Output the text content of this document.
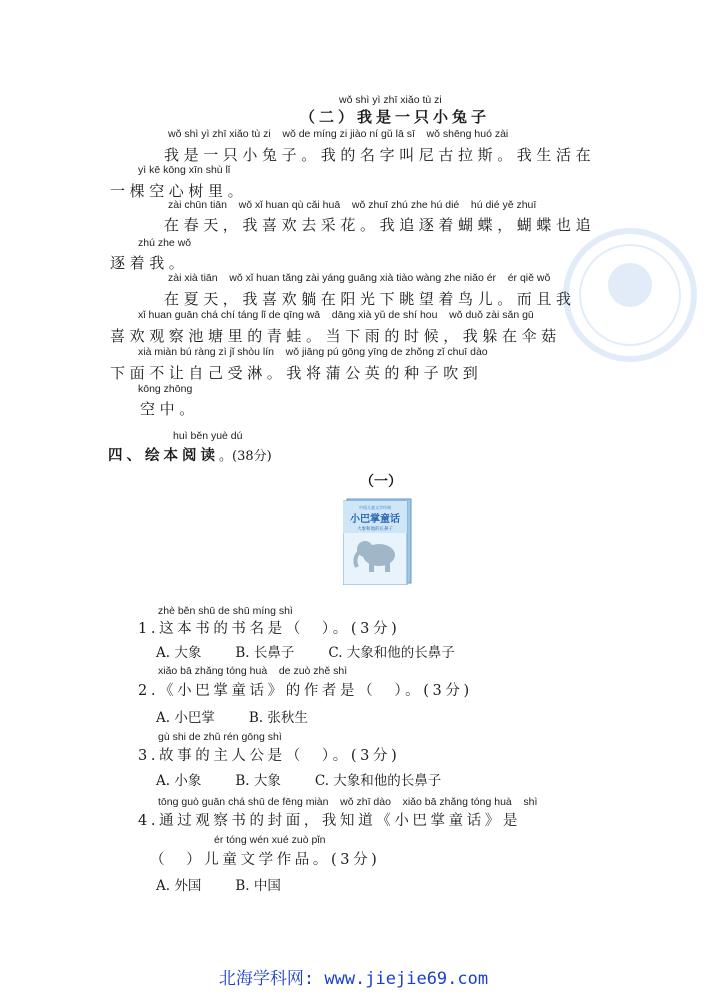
wǒ shì yì zhī xiǎo tù zi
（二）我是一只小兔子
wǒ shì yì zhī xiǎo tù zi    wǒ de míng zi jiào ní gǔ lā sī    wǒ shēng huó zài
我是一只小兔子。我的名字叫尼古拉斯。我生活在
yì kē kōng xīn shù lǐ
一棵空心树里。
zài chūn tiān    wǒ xǐ huan qù cǎi huā    wǒ zhuī zhú zhe hú dié    hú dié yě zhuī
在春天，我喜欢去采花。我追逐着蝴蝶，蝴蝶也追
zhú zhe wǒ
逐着我。
zài xià tiān    wǒ xǐ huan tǎng zài yáng guāng xià tiào wàng zhe niǎo ér    ér qiě wǒ
在夏天，我喜欢躺在阳光下眺望着鸟儿。而且我
xǐ huan guān chá chí táng lǐ de qīng wā    dāng xià yǔ de shí hou    wǒ duǒ zài sǎn gū
喜欢观察池塘里的青蛙。当下雨的时候，我躲在伞菇
xià miàn bú ràng zì jǐ shòu lín    wǒ jiāng pú gōng yīng de zhǒng zǐ chuī dào
下面不让自己受淋。我将蒲公英的种子吹到
kōng zhōng
空中。
huì běn yuè dú
四、绘本阅读。(38分)
（一）
中国儿童文学经典
小巴掌童话
大象和他的长鼻子
zhè běn shū de shū míng shì
1.这本书的书名是（　）。(3分)
A. 大象	B. 长鼻子	C. 大象和他的长鼻子
xiǎo bā zhǎng tóng huà    de zuò zhě shì
2.《小巴掌童话》的作者是（　）。(3分)
A. 小巴掌	B. 张秋生
gù shi de zhǔ rén gōng shì
3.故事的主人公是（　）。(3分)
A. 小象	B. 大象	C. 大象和他的长鼻子
tōng guò guān chá shū de fēng miàn    wǒ zhī dào    xiǎo bā zhǎng tóng huà    shì
4.通过观察书的封面，我知道《小巴掌童话》是
ér tóng wén xué zuò pǐn
（　）儿童文学作品。(3分)
A. 外国	B. 中国
北海学科网: www.jiejie69.com
